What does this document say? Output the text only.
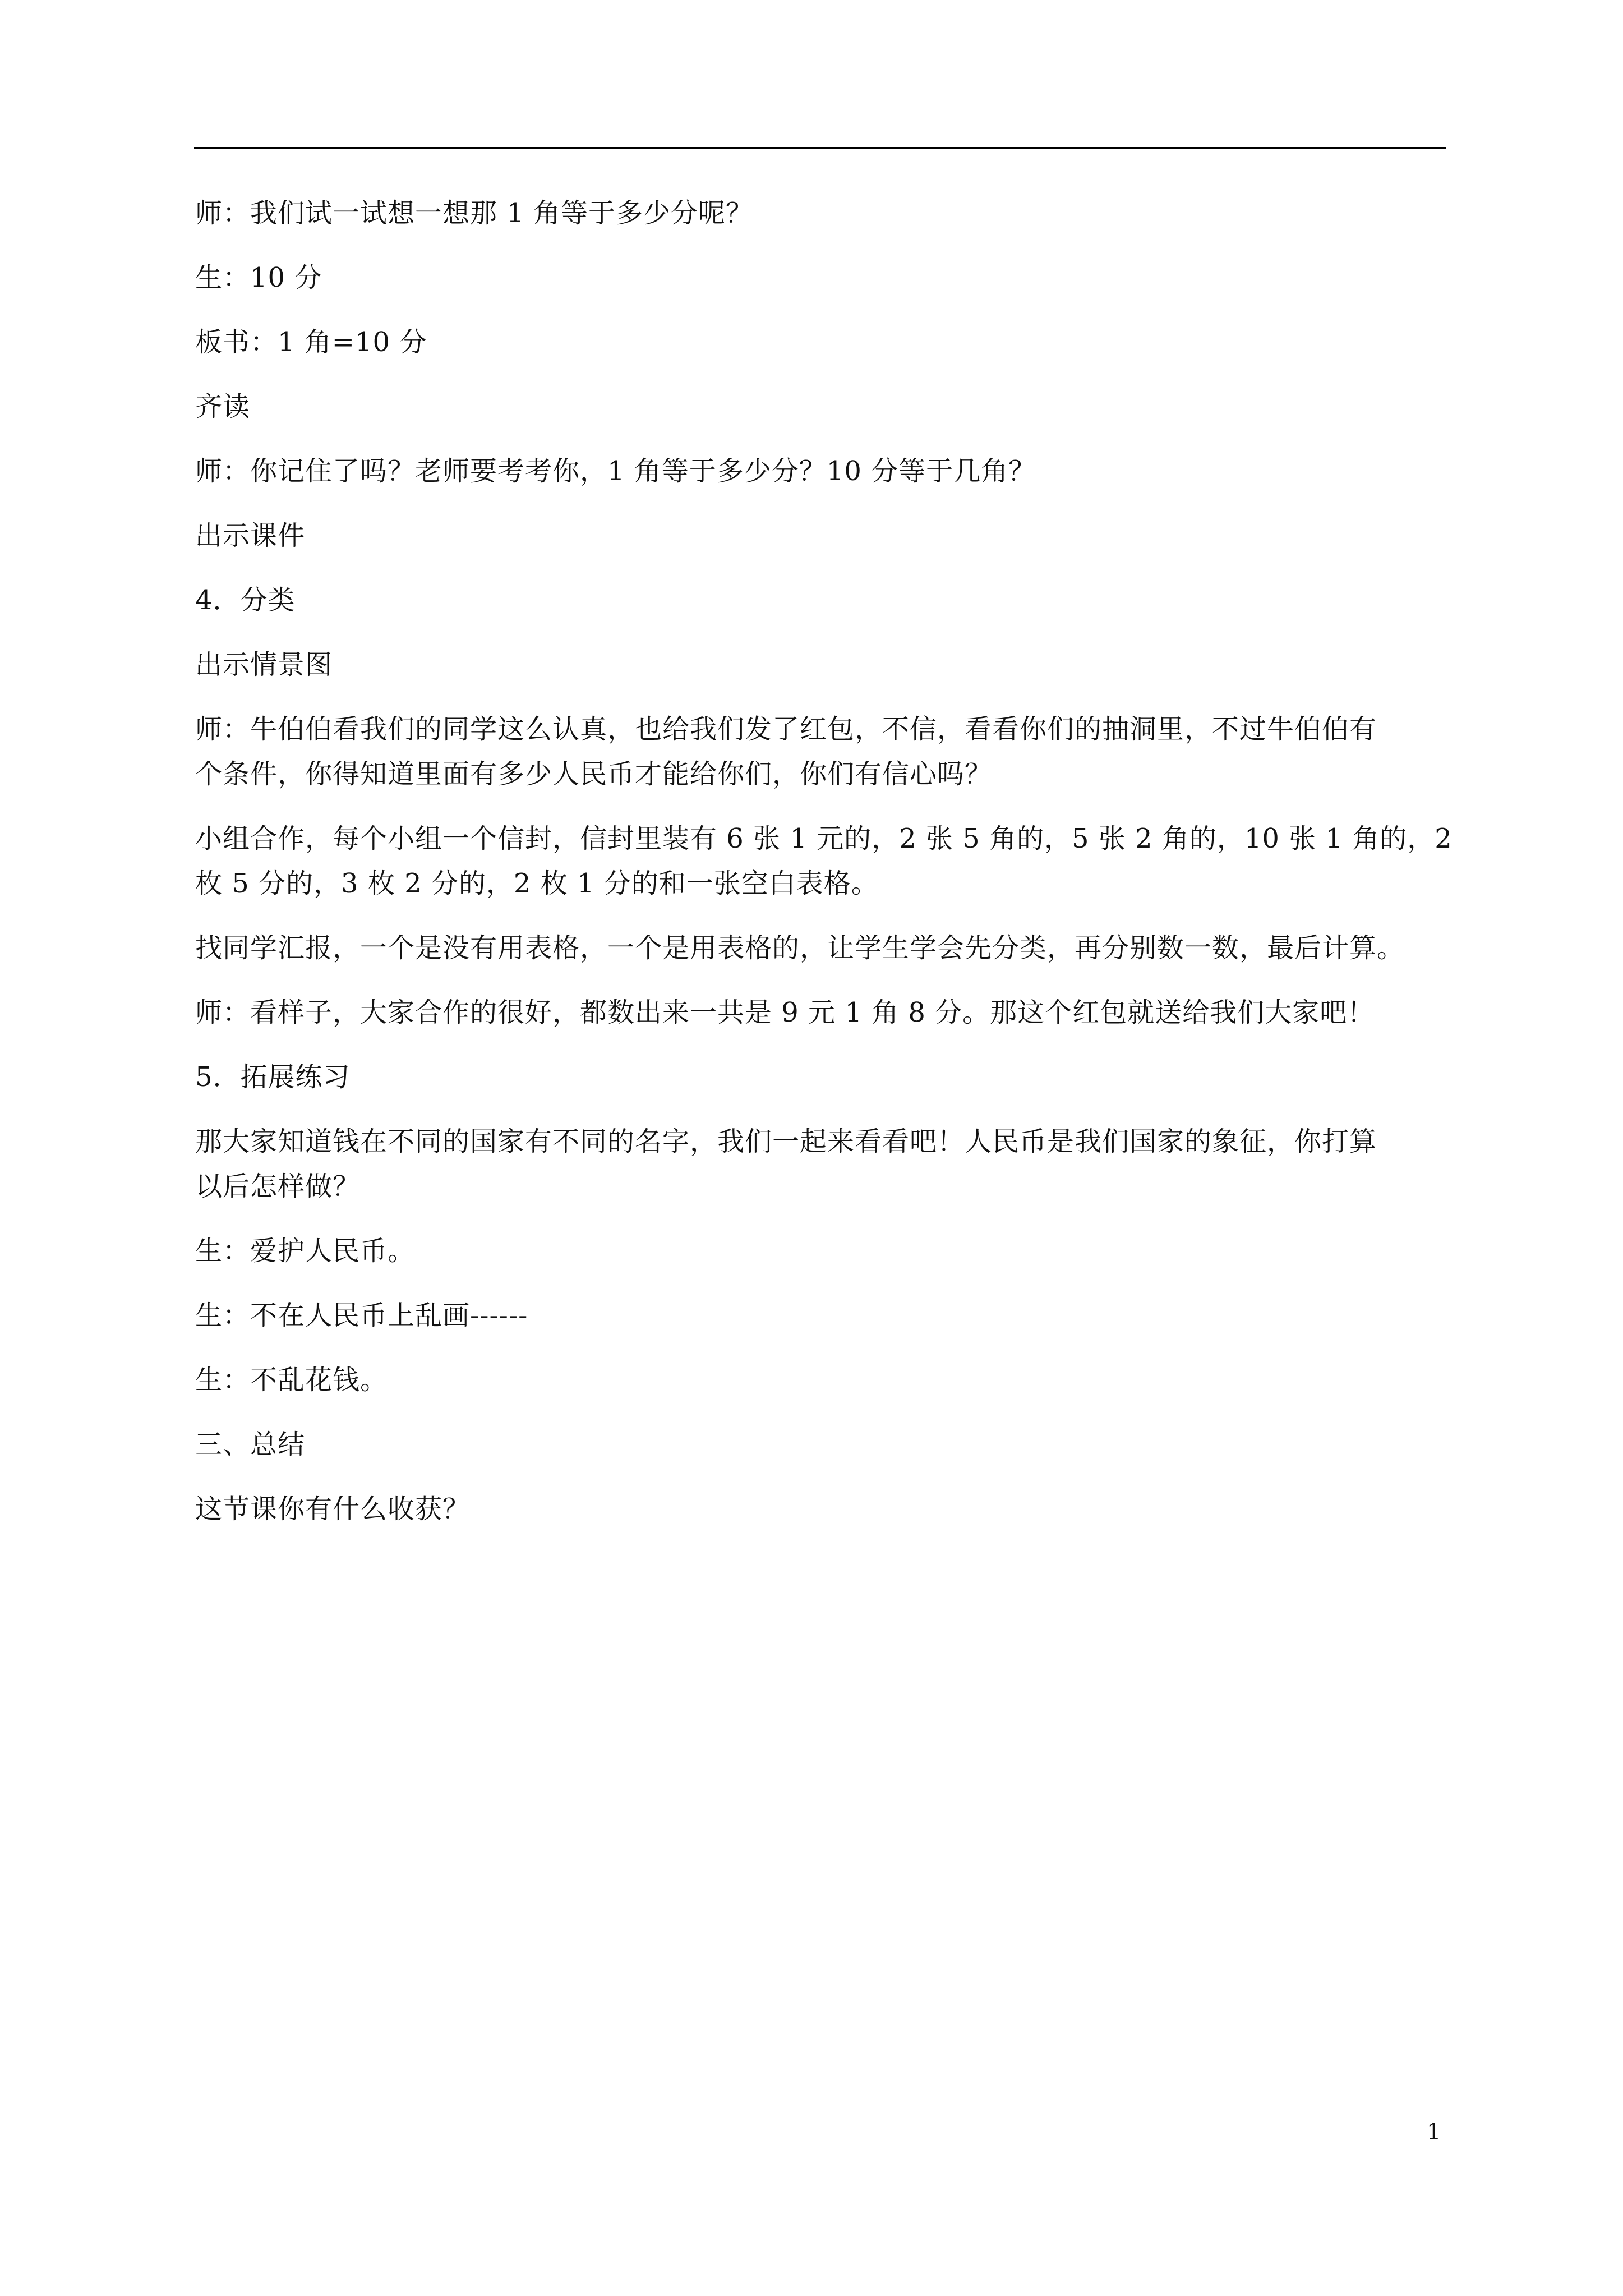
师：我们试一试想一想那 1 角等于多少分呢？

生：10 分

板书：1 角=10 分

齐读

师：你记住了吗？老师要考考你，1 角等于多少分？10 分等于几角？

出示课件

4．分类

出示情景图

师：牛伯伯看我们的同学这么认真，也给我们发了红包，不信，看看你们的抽洞里，不过牛伯伯有

个条件，你得知道里面有多少人民币才能给你们，你们有信心吗？

小组合作，每个小组一个信封，信封里装有 6 张 1 元的，2 张 5 角的，5 张 2 角的，10 张 1 角的，2

枚 5 分的，3 枚 2 分的，2 枚 1 分的和一张空白表格。

找同学汇报，一个是没有用表格，一个是用表格的，让学生学会先分类，再分别数一数，最后计算。

师：看样子，大家合作的很好，都数出来一共是 9 元 1 角 8 分。那这个红包就送给我们大家吧！

5．拓展练习

那大家知道钱在不同的国家有不同的名字，我们一起来看看吧！人民币是我们国家的象征，你打算

以后怎样做？

生：爱护人民币。

生：不在人民币上乱画------

生：不乱花钱。

三、总结

这节课你有什么收获？

1
